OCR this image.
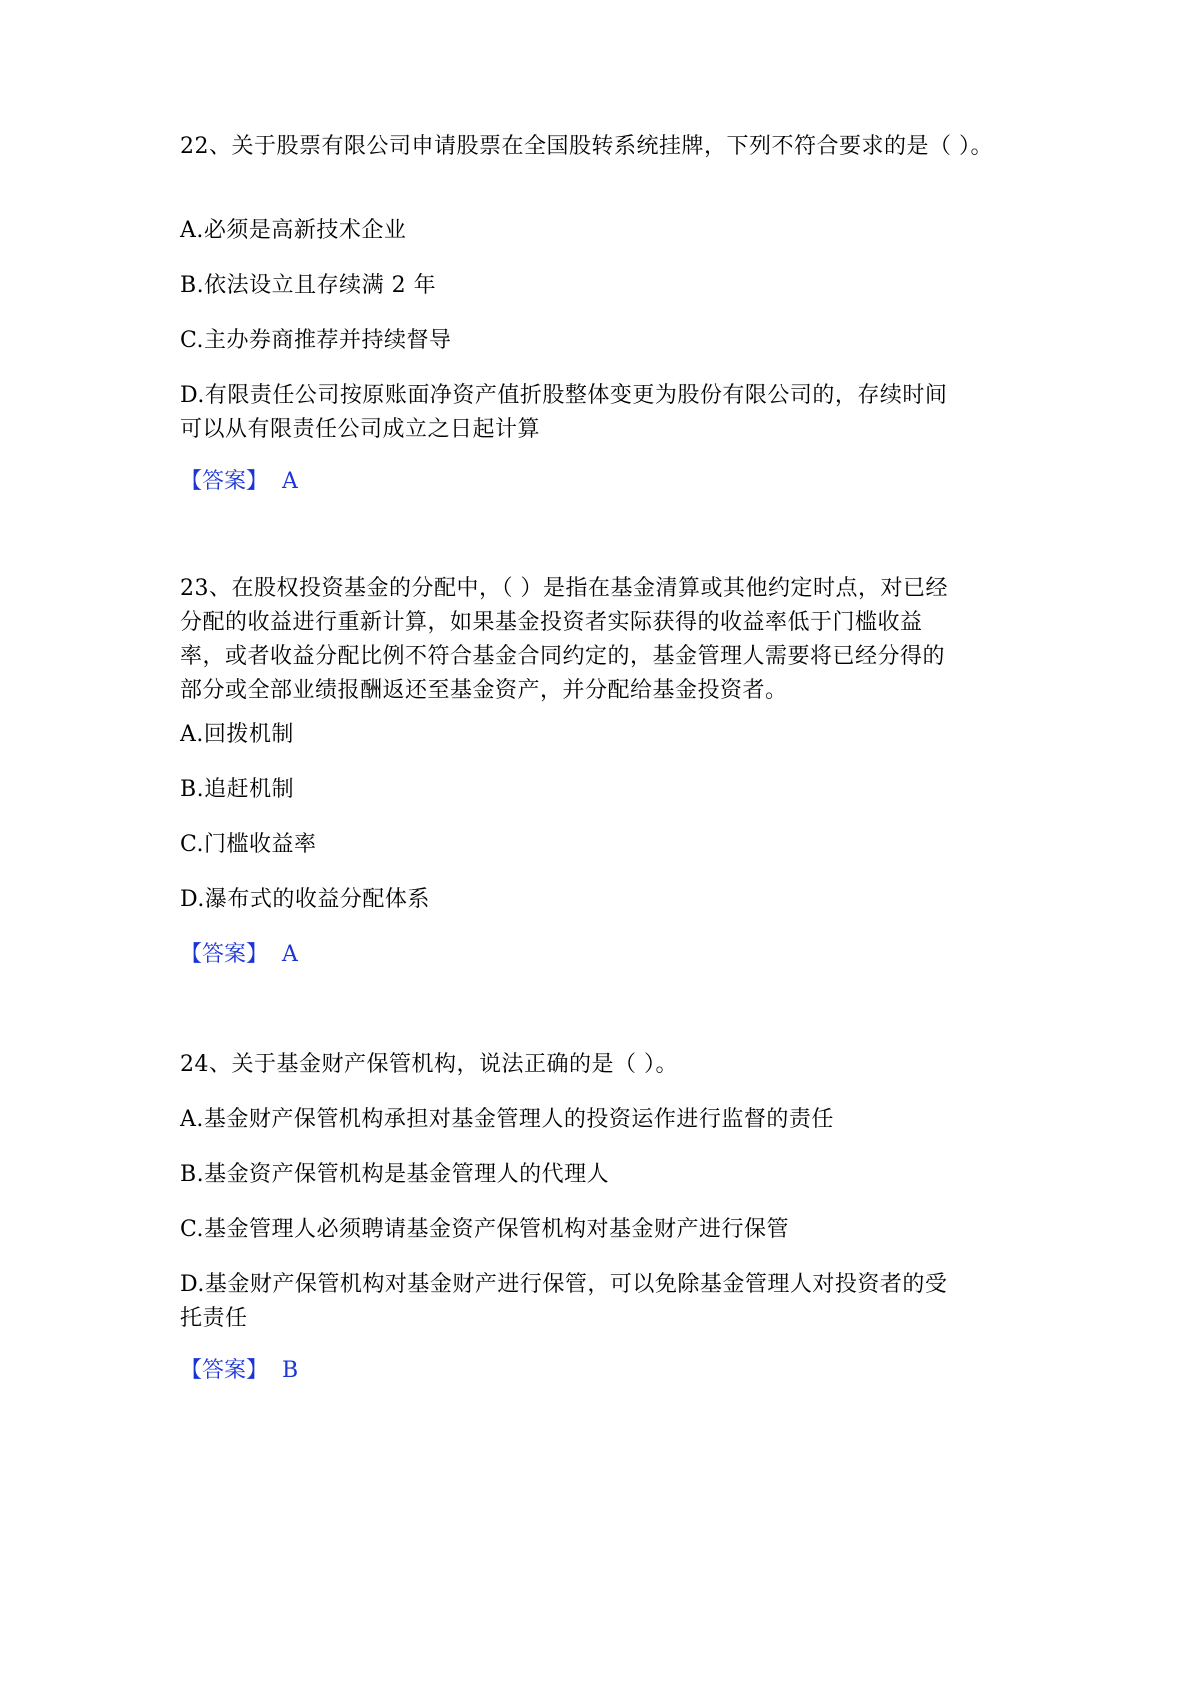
22、关于股票有限公司申请股票在全国股转系统挂牌，下列不符合要求的是（ ）。

A.必须是高新技术企业

B.依法设立且存续满 2 年

C.主办券商推荐并持续督导

D.有限责任公司按原账面净资产值折股整体变更为股份有限公司的，存续时间可以从有限责任公司成立之日起计算

【答案】 A

23、在股权投资基金的分配中，（ ）是指在基金清算或其他约定时点，对已经分配的收益进行重新计算，如果基金投资者实际获得的收益率低于门槛收益率，或者收益分配比例不符合基金合同约定的，基金管理人需要将已经分得的部分或全部业绩报酬返还至基金资产，并分配给基金投资者。

A.回拨机制

B.追赶机制

C.门槛收益率

D.瀑布式的收益分配体系

【答案】 A

24、关于基金财产保管机构，说法正确的是（ ）。

A.基金财产保管机构承担对基金管理人的投资运作进行监督的责任

B.基金资产保管机构是基金管理人的代理人

C.基金管理人必须聘请基金资产保管机构对基金财产进行保管

D.基金财产保管机构对基金财产进行保管，可以免除基金管理人对投资者的受托责任

【答案】 B
